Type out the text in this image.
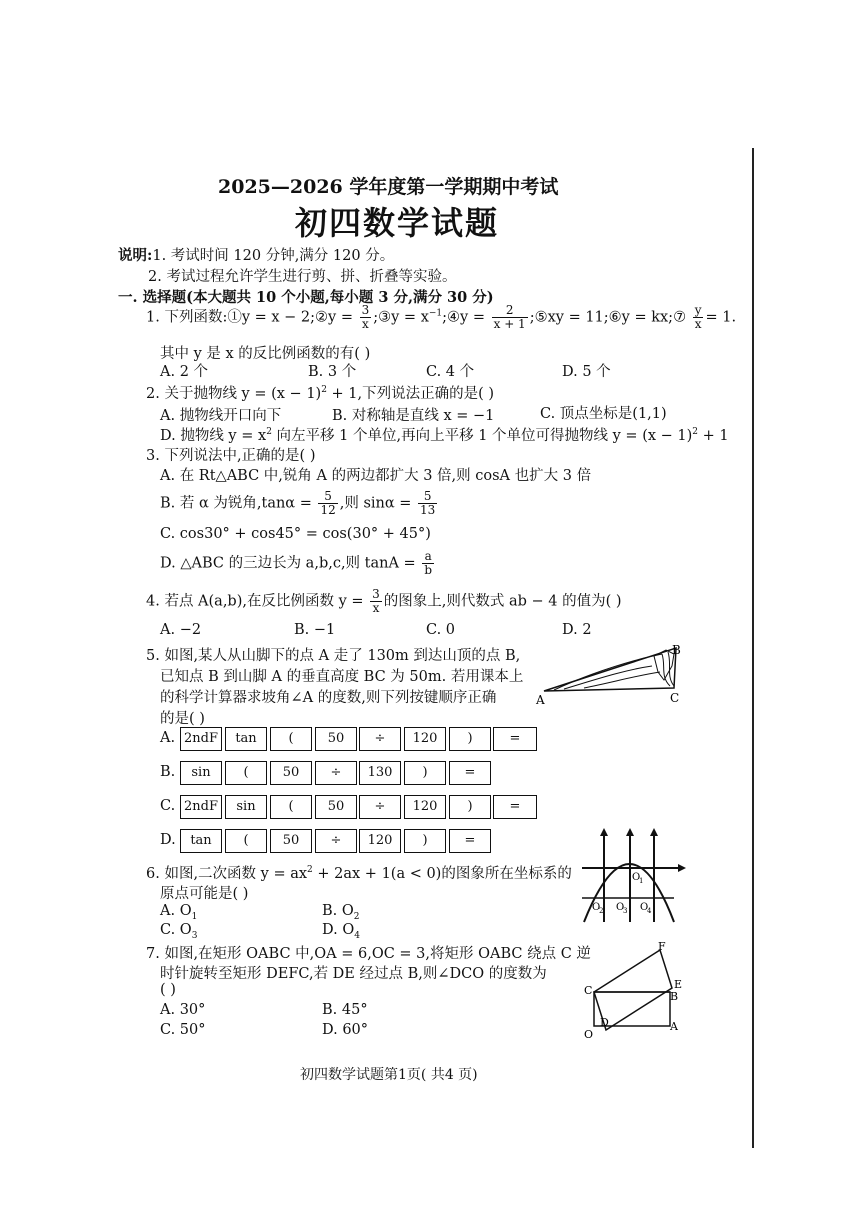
2025—2026 学年度第一学期期中考试
初四数学试题
说明:1. 考试时间 120 分钟,满分 120 分。
2. 考试过程允许学生进行剪、拼、折叠等实验。
一. 选择题(本大题共 10 个小题,每小题 3 分,满分 30 分)
1. 下列函数:①y = x − 2;②y = $\frac{3}{x}$ ;③y = $x^{-1};④y = \frac{2}{x + 1}$ ;⑤xy = 11;⑥y = kx;⑦ $\frac{y}{x} = 1$.
其中 y 是 x 的反比例函数的有( )
A. 2 个	B. 3 个	C. 4 个	D. 5 个
2. 关于抛物线 $y = (x - 1)^2 + 1$,下列说法正确的是( )
A. 抛物线开口向下	B. 对称轴是直线 x = −1	C. 顶点坐标是(1,1)
D. 抛物线 $y = x^2$ 向左平移 1 个单位,再向上平移 1 个单位可得抛物线 $y = (x - 1)^2 + 1$
3. 下列说法中,正确的是( )
A. 在 Rt△ABC 中,锐角 A 的两边都扩大 3 倍,则 cosA 也扩大 3 倍
B. 若 α 为锐角$,\tan\alpha = \frac{5}{12}$ ,则 $\sin\alpha = \frac{5}{13}$
C. cos30° + cos45° = cos(30° + 45°)
D. △ABC 的三边长为 a,b,c,则 $\tan A = \frac{a}{b}$
4. 若点 A(a,b),在反比例函数 $y = \frac{3}{x}$ 的图象上,则代数式 ab − 4 的值为( )
A. −2	B. −1	C. 0	D. 2
5. 如图,某人从山脚下的点 A 走了 130m 到达山顶的点 B,
已知点 B 到山脚 A 的垂直高度 BC 为 50m. 若用课本上
的科学计算器求坡角∠A 的度数,则下列按键顺序正确
的是( )
A
B
C
A. 2ndF	tan	(	50	÷	120	)	=
B.	sin	(	50	÷	130	)	=
C. 2ndF	sin	(	50	÷	120	)	=
D.	tan	(	50	÷	120	)	=
6. 如图,二次函数 $y = ax^2 + 2ax + 1(a < 0)$的图象所在坐标系的
原点可能是( )
A. $O_1$	B. $O_2$
C. $O_3$	D. $O_4$
O
1
O
2 O
3 O
4
7. 如图,在矩形 OABC 中,OA = 6,OC = 3,将矩形 OABC 绕点 C 逆
时针旋转至矩形 DEFC,若 DE 经过点 B,则∠DCO 的度数为
( )
A. 30°	B. 45°
C. 50°	D. 60°
F
C	E
B
D
O
A
初四数学试题第1页( 共4 页)
